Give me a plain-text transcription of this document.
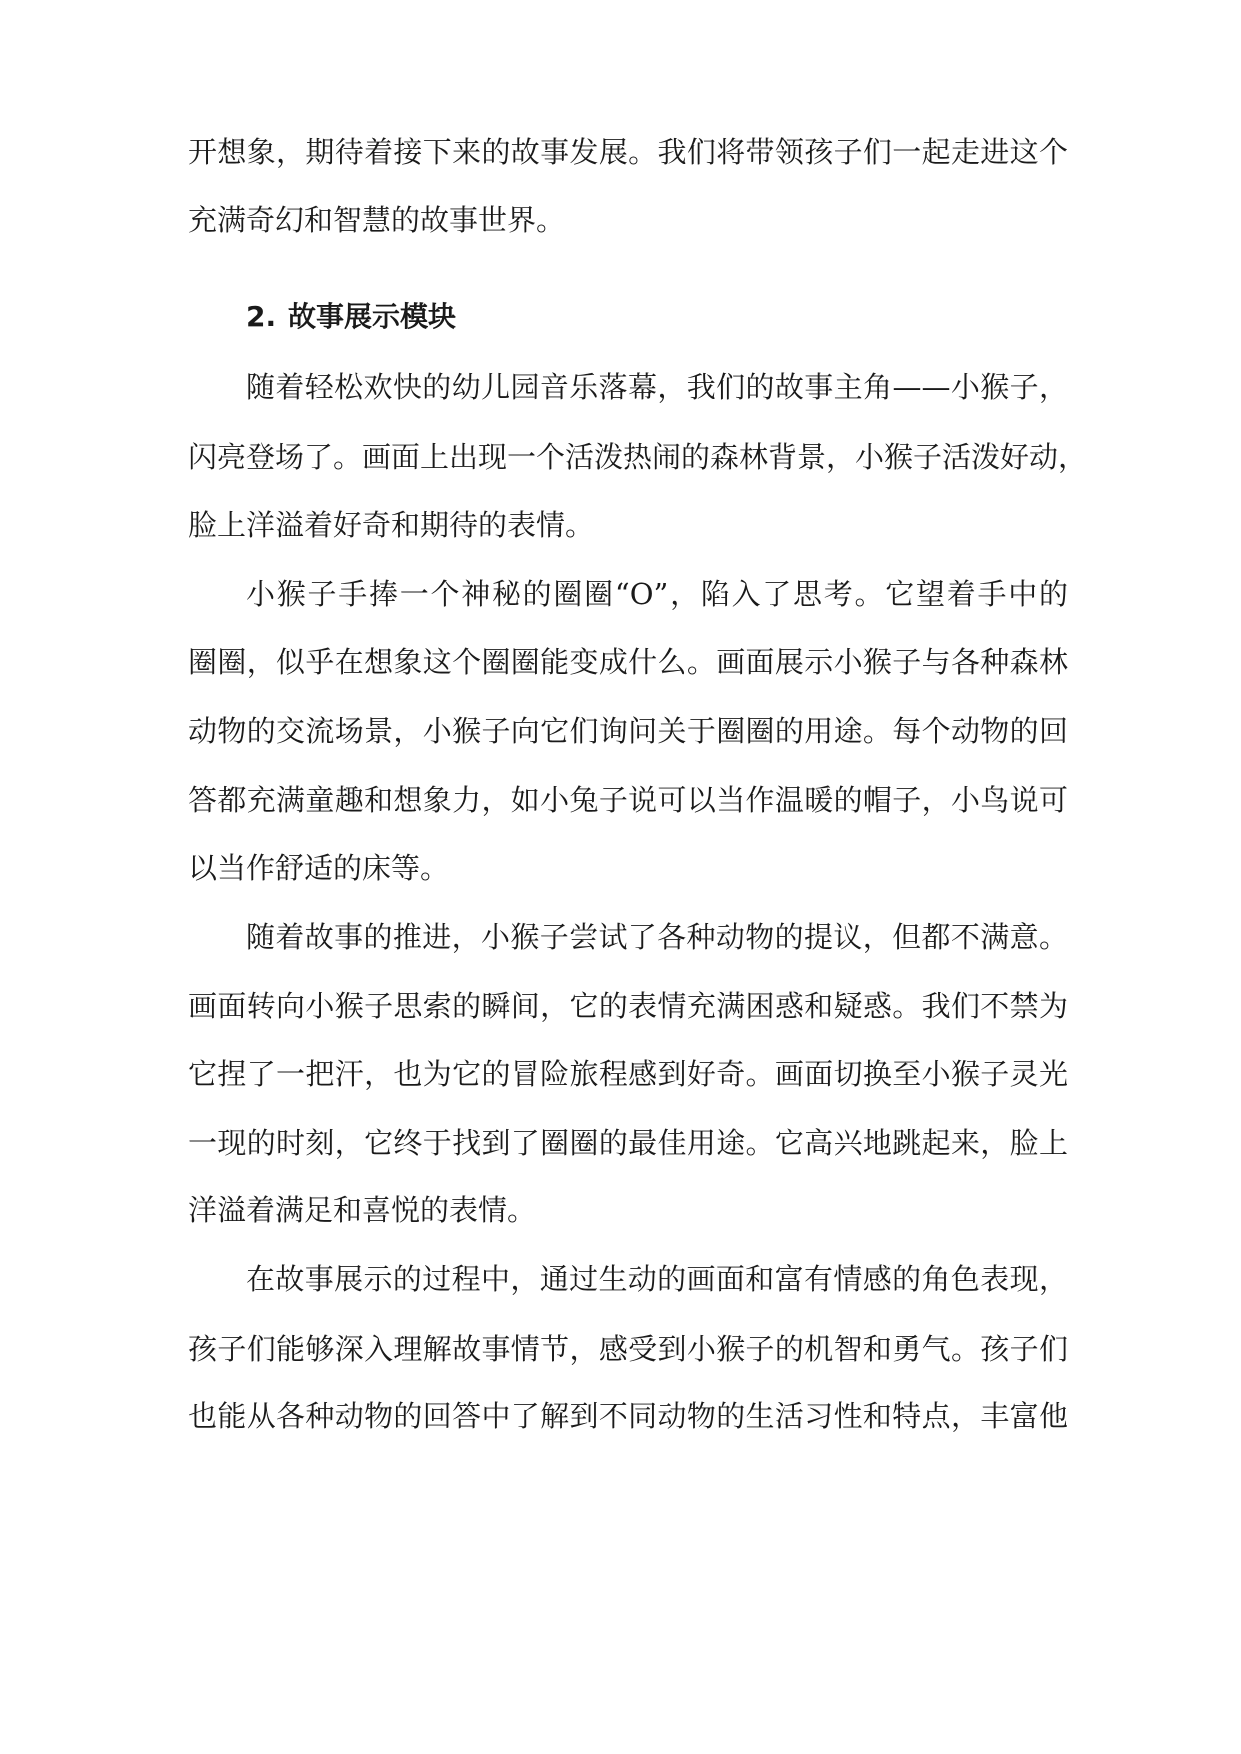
开想象，期待着接下来的故事发展。我们将带领孩子们一起走进这个
充满奇幻和智慧的故事世界。
2. 故事展示模块
随着轻松欢快的幼儿园音乐落幕，我们的故事主角——小猴子，
闪亮登场了。画面上出现一个活泼热闹的森林背景，小猴子活泼好动，
脸上洋溢着好奇和期待的表情。
小猴子手捧一个神秘的圈圈“O”，陷入了思考。它望着手中的
圈圈，似乎在想象这个圈圈能变成什么。画面展示小猴子与各种森林
动物的交流场景，小猴子向它们询问关于圈圈的用途。每个动物的回
答都充满童趣和想象力，如小兔子说可以当作温暖的帽子，小鸟说可
以当作舒适的床等。
随着故事的推进，小猴子尝试了各种动物的提议，但都不满意。
画面转向小猴子思索的瞬间，它的表情充满困惑和疑惑。我们不禁为
它捏了一把汗，也为它的冒险旅程感到好奇。画面切换至小猴子灵光
一现的时刻，它终于找到了圈圈的最佳用途。它高兴地跳起来，脸上
洋溢着满足和喜悦的表情。
在故事展示的过程中，通过生动的画面和富有情感的角色表现，
孩子们能够深入理解故事情节，感受到小猴子的机智和勇气。孩子们
也能从各种动物的回答中了解到不同动物的生活习性和特点，丰富他
